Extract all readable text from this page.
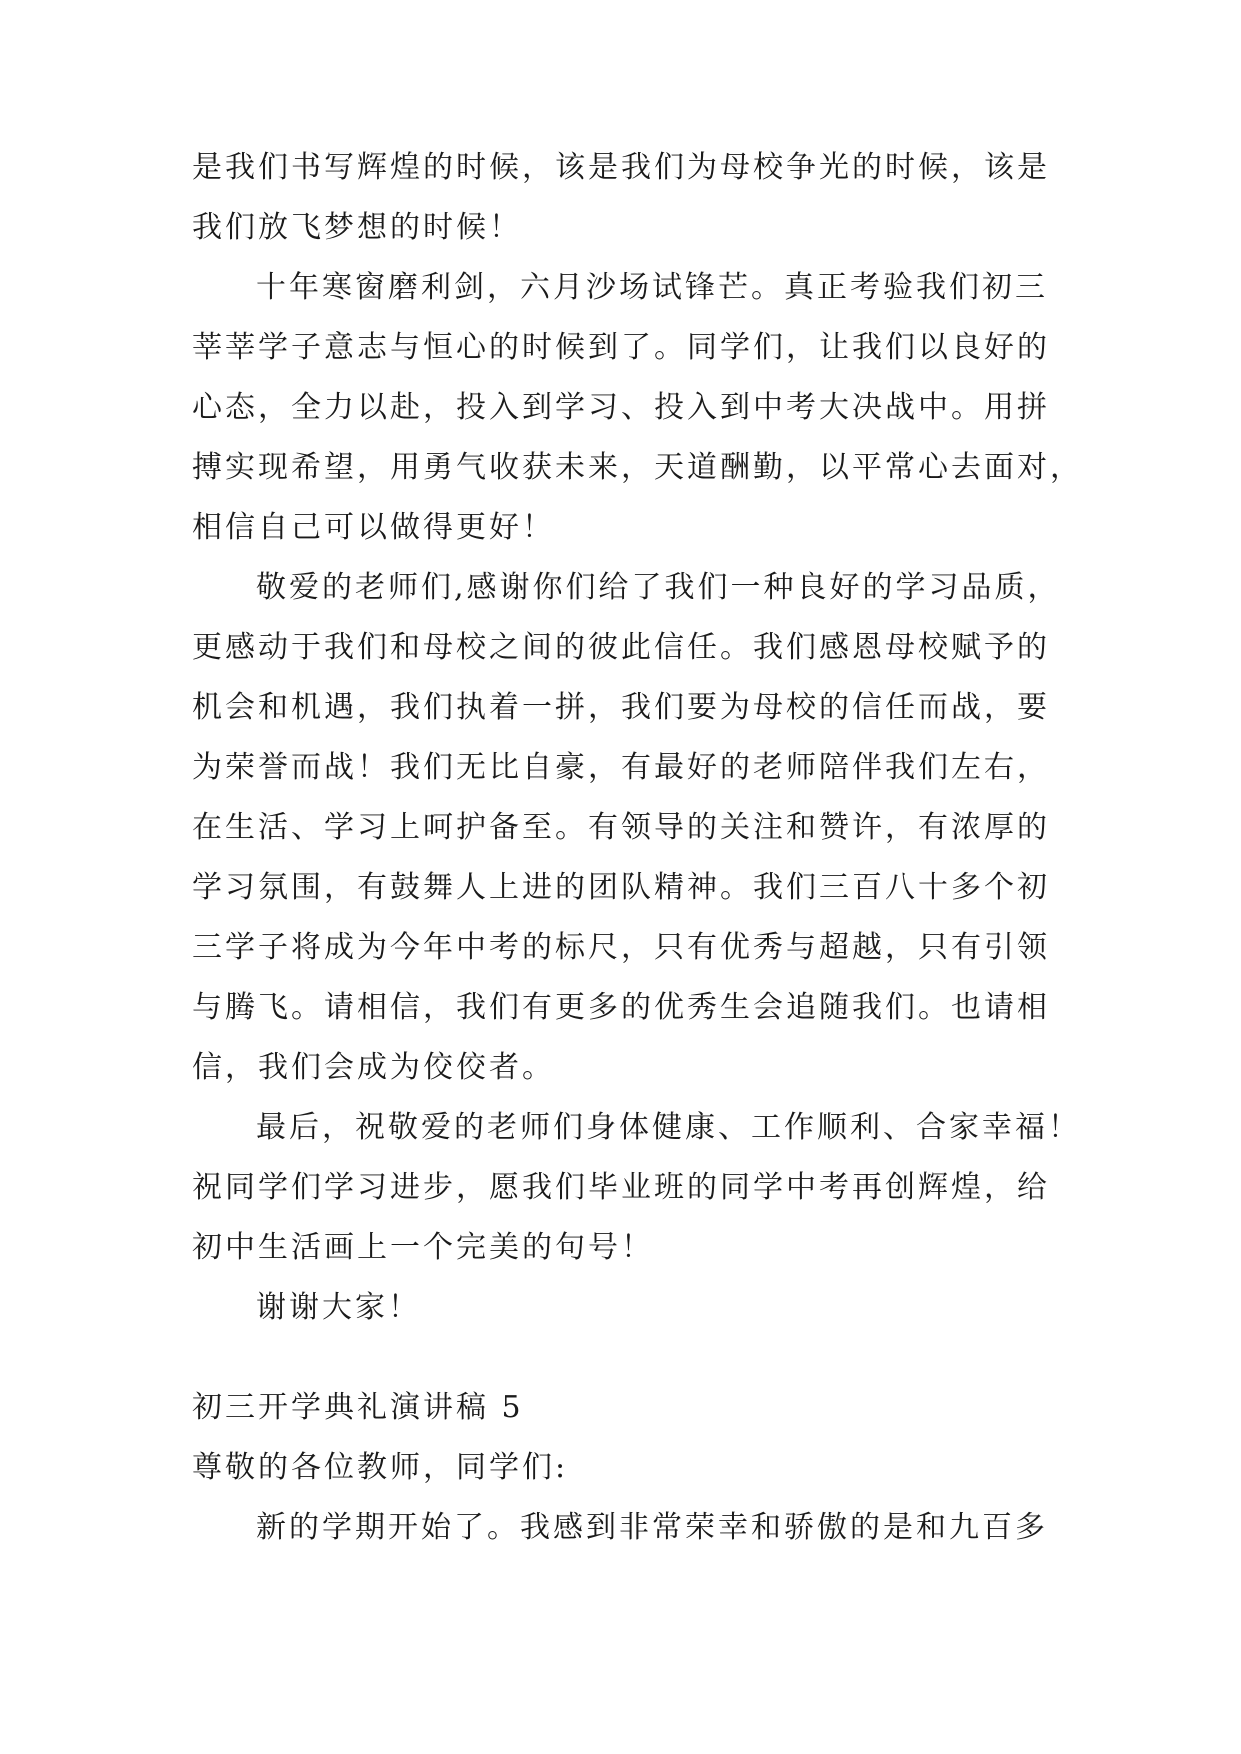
是我们书写辉煌的时候，该是我们为母校争光的时候，该是
我们放飞梦想的时候！
十年寒窗磨利剑，六月沙场试锋芒。真正考验我们初三
莘莘学子意志与恒心的时候到了。同学们，让我们以良好的
心态，全力以赴，投入到学习、投入到中考大决战中。用拼
搏实现希望，用勇气收获未来，天道酬勤，以平常心去面对，
相信自己可以做得更好！
敬爱的老师们,感谢你们给了我们一种良好的学习品质，
更感动于我们和母校之间的彼此信任。我们感恩母校赋予的
机会和机遇，我们执着一拼，我们要为母校的信任而战，要
为荣誉而战！我们无比自豪，有最好的老师陪伴我们左右，
在生活、学习上呵护备至。有领导的关注和赞许，有浓厚的
学习氛围，有鼓舞人上进的团队精神。我们三百八十多个初
三学子将成为今年中考的标尺，只有优秀与超越，只有引领
与腾飞。请相信，我们有更多的优秀生会追随我们。也请相
信，我们会成为佼佼者。
最后，祝敬爱的老师们身体健康、工作顺利、合家幸福！
祝同学们学习进步，愿我们毕业班的同学中考再创辉煌，给
初中生活画上一个完美的句号！
谢谢大家！
初三开学典礼演讲稿 5
尊敬的各位教师，同学们:
新的学期开始了。我感到非常荣幸和骄傲的是和九百多
